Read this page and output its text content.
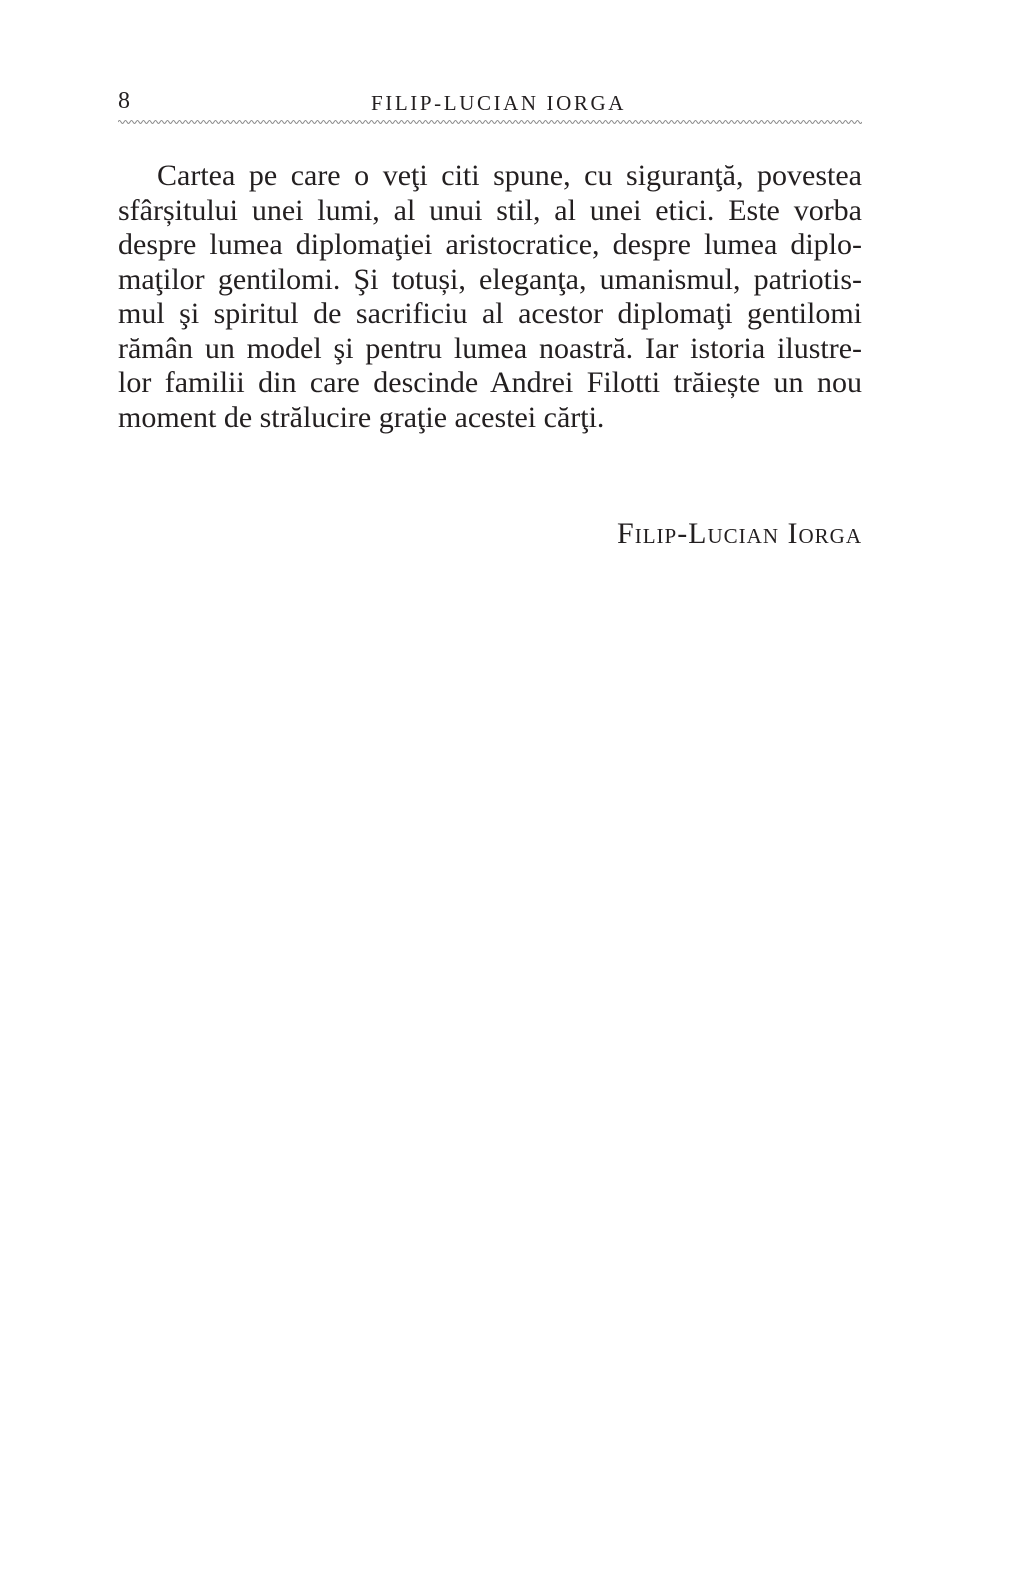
8	FILIP-LUCIAN IORGA
Cartea pe care o veţi citi spune, cu siguranţă, povestea
sfârșitului unei lumi, al unui stil, al unei etici. Este vorba
despre lumea diplomaţiei aristocratice, despre lumea diplo-
maţilor gentilomi. Şi totuși, eleganţa, umanismul, patriotis-
mul şi spiritul de sacrificiu al acestor diplomaţi gentilomi
rămân un model şi pentru lumea noastră. Iar istoria ilustre-
lor familii din care descinde Andrei Filotti trăiește un nou
moment de strălucire graţie acestei cărţi.
Filip-Lucian Iorga
